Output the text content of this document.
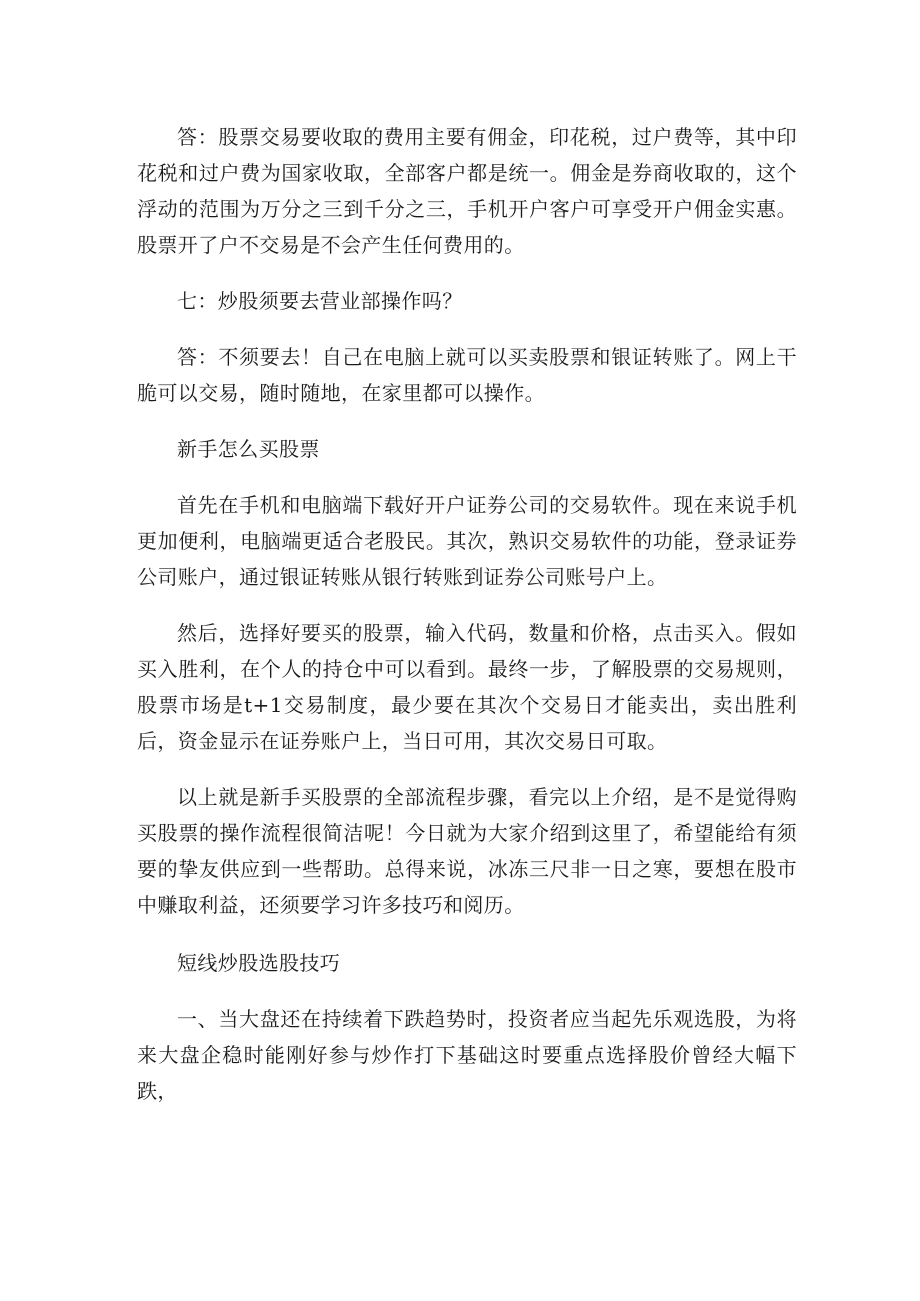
答：股票交易要收取的费用主要有佣金，印花税，过户费等，其中印花税和过户费为国家收取，全部客户都是统一。佣金是券商收取的，这个浮动的范围为万分之三到千分之三，手机开户客户可享受开户佣金实惠。股票开了户不交易是不会产生任何费用的。

七：炒股须要去营业部操作吗？

答：不须要去！自己在电脑上就可以买卖股票和银证转账了。网上干脆可以交易，随时随地，在家里都可以操作。

新手怎么买股票

首先在手机和电脑端下载好开户证券公司的交易软件。现在来说手机更加便利，电脑端更适合老股民。其次，熟识交易软件的功能，登录证券公司账户，通过银证转账从银行转账到证券公司账号户上。

然后，选择好要买的股票，输入代码，数量和价格，点击买入。假如买入胜利，在个人的持仓中可以看到。最终一步，了解股票的交易规则，股票市场是t+1交易制度，最少要在其次个交易日才能卖出，卖出胜利后，资金显示在证券账户上，当日可用，其次交易日可取。

以上就是新手买股票的全部流程步骤，看完以上介绍，是不是觉得购买股票的操作流程很简洁呢！今日就为大家介绍到这里了，希望能给有须要的挚友供应到一些帮助。总得来说，冰冻三尺非一日之寒，要想在股市中赚取利益，还须要学习许多技巧和阅历。

短线炒股选股技巧

一、当大盘还在持续着下跌趋势时，投资者应当起先乐观选股，为将来大盘企稳时能刚好参与炒作打下基础这时要重点选择股价曾经大幅下跌，
